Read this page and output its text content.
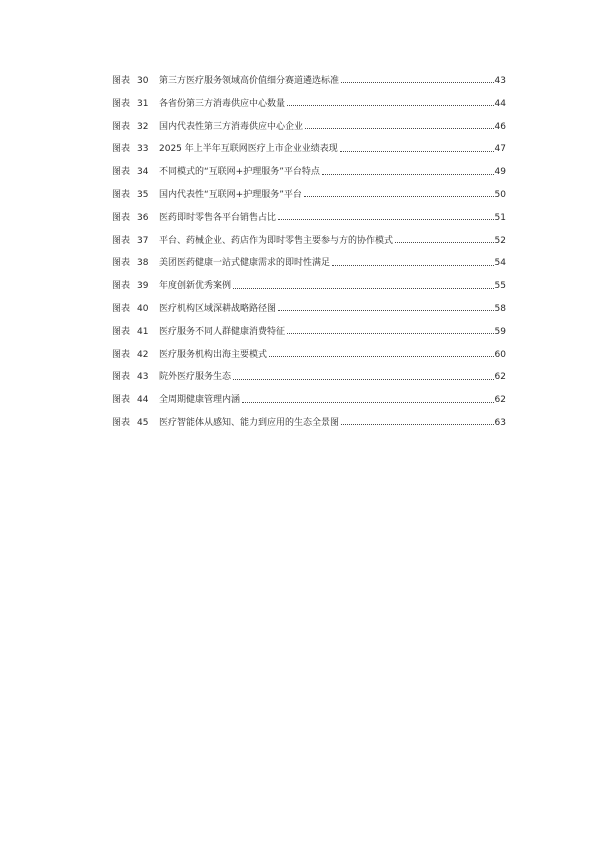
图表 30	第三方医疗服务领域高价值细分赛道遴选标准	43
图表 31	各省份第三方消毒供应中心数量	44
图表 32	国内代表性第三方消毒供应中心企业	46
图表 33	2025 年上半年互联网医疗上市企业业绩表现	47
图表 34	不同模式的“互联网+护理服务”平台特点	49
图表 35	国内代表性“互联网+护理服务”平台	50
图表 36	医药即时零售各平台销售占比	51
图表 37	平台、药械企业、药店作为即时零售主要参与方的协作模式	52
图表 38	美团医药健康一站式健康需求的即时性满足	54
图表 39	年度创新优秀案例	55
图表 40	医疗机构区域深耕战略路径图	58
图表 41	医疗服务不同人群健康消费特征	59
图表 42	医疗服务机构出海主要模式	60
图表 43	院外医疗服务生态	62
图表 44	全周期健康管理内涵	62
图表 45	医疗智能体从感知、能力到应用的生态全景图	63
